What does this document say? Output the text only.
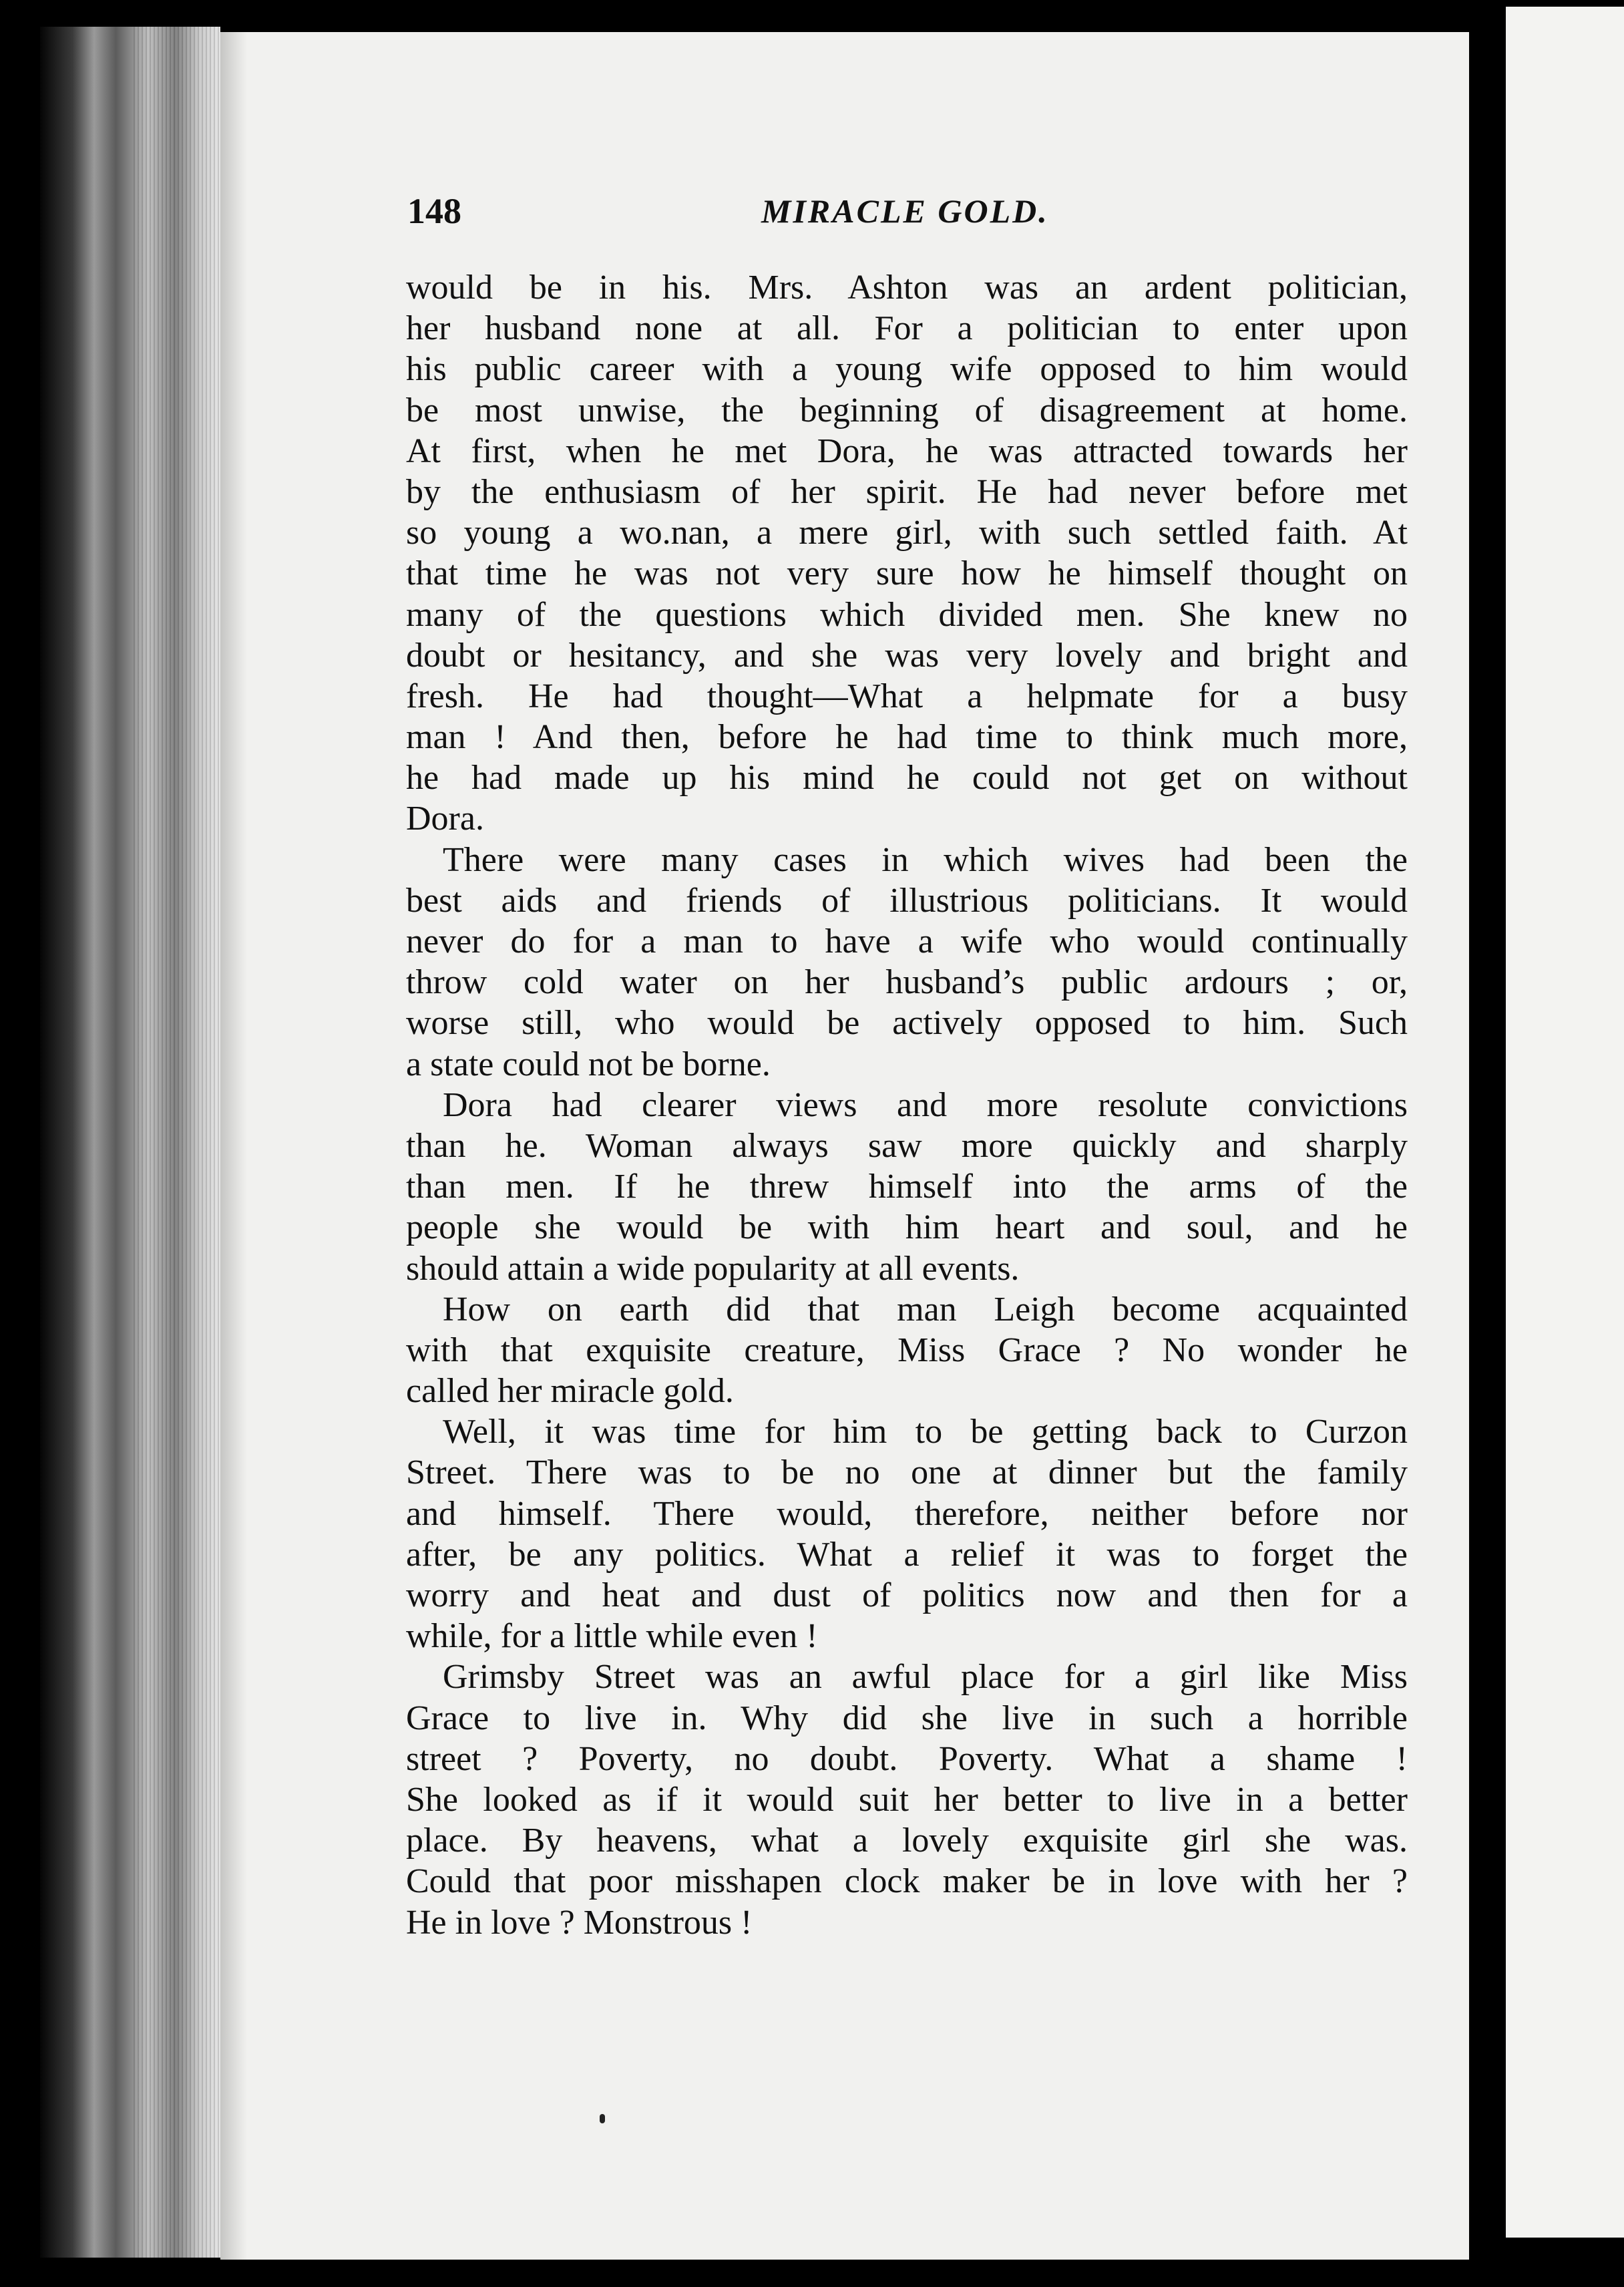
148	MIRACLE GOLD.
would be in his. Mrs. Ashton was an ardent politician,
her husband none at all. For a politician to enter upon
his public career with a young wife opposed to him would
be most unwise, the beginning of disagreement at home.
At first, when he met Dora, he was attracted towards her
by the enthusiasm of her spirit. He had never before met
so young a wo.nan, a mere girl, with such settled faith. At
that time he was not very sure how he himself thought on
many of the questions which divided men. She knew no
doubt or hesitancy, and she was very lovely and bright and
fresh. He had thought—What a helpmate for a busy
man ! And then, before he had time to think much more,
he had made up his mind he could not get on without
Dora.
There were many cases in which wives had been the
best aids and friends of illustrious politicians. It would
never do for a man to have a wife who would continually
throw cold water on her husband’s public ardours ; or,
worse still, who would be actively opposed to him. Such
a state could not be borne.
Dora had clearer views and more resolute convictions
than he. Woman always saw more quickly and sharply
than men. If he threw himself into the arms of the
people she would be with him heart and soul, and he
should attain a wide popularity at all events.
How on earth did that man Leigh become acquainted
with that exquisite creature, Miss Grace ? No wonder he
called her miracle gold.
Well, it was time for him to be getting back to Curzon
Street. There was to be no one at dinner but the family
and himself. There would, therefore, neither before nor
after, be any politics. What a relief it was to forget the
worry and heat and dust of politics now and then for a
while, for a little while even !
Grimsby Street was an awful place for a girl like Miss
Grace to live in. Why did she live in such a horrible
street ? Poverty, no doubt. Poverty. What a shame !
She looked as if it would suit her better to live in a better
place. By heavens, what a lovely exquisite girl she was.
Could that poor misshapen clock maker be in love with her ?
He in love ? Monstrous !
